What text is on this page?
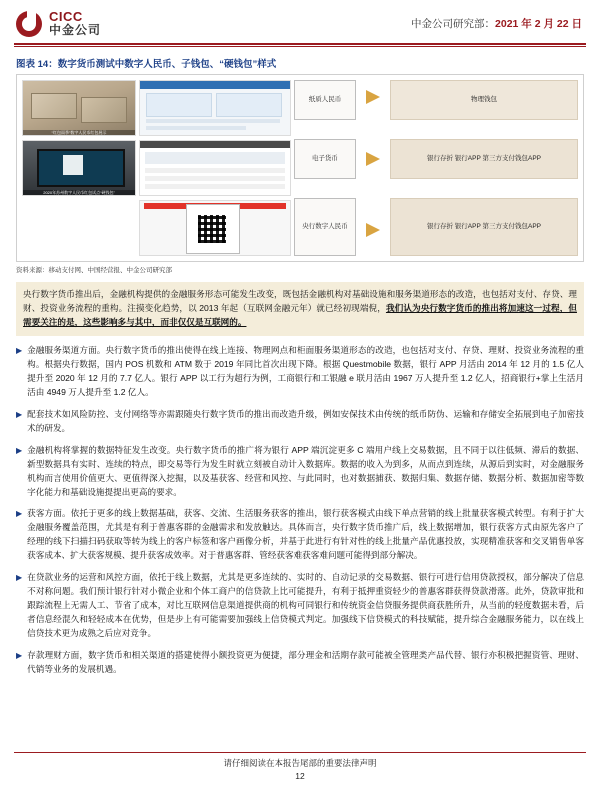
CICC
中金公司	中金公司研究部：2021 年 2 月 22 日
图表 14：数字货币测试中数字人民币、子钱包、“硬钱包”样式
“红包雨季”数字人民币红包展示
2020年苏州数字人民币红包试点“硬钱包”
纸质人民币
电子货币
央行数字人民币
物理钱包
银行存折 银行APP 第三方支付钱包APP
银行存折 银行APP 第三方支付钱包APP
资料来源：移动支付网、中国经营报、中金公司研究部
央行数字货币推出后，金融机构提供的金融服务形态可能发生改变，既包括金融机构对基础设施和服务渠道形态的改造，也包括对支付、存贷、理财、投资业务流程的重构。注摸变化趋势，以 2013 年起（互联网金融元年）就已经初现端倪，我们认为央行数字货币的推出将加速这一过程，但需要关注的是，这些影响多与其中，而非仅仅是互联网的。
▶ 金融服务渠道方面。央行数字货币的推出使得在线上连接、物理网点和柜面服务渠道形态的改造，也包括对支付、存贷、理财、投资业务流程的重构。根据央行数据，国内 POS 机数和 ATM 数于 2019 年同比首次出现下降。根据 Questmobile 数据，银行 APP 月活由 2014 年 12 月的 1.5 亿人提升至 2020 年 12 月的 7.7 亿人。银行 APP 以工行为超行为例，工商银行和工银融 e 联月活由 1967 万人提升至 1.2 亿人，招商银行+掌上生活月活由 4949 万人提升至 1.2 亿人。

▶ 配套技术如风险防控、支付网络等亦需跟随央行数字货币的推出而改造升级，例如安保技术由传统的纸币防伪、运输和存储安全拓展到电子加密技术的研发。

▶ 金融机构将掌握的数据特征发生改变。央行数字货币的推广将为银行 APP 端沉淀更多 C 端用户线上交易数据，且不同于以往低频、滞后的数据、新型数据具有实时、连续的特点，即交易等行为发生时就立刻被自动计入数据库。数据的收入为到多，从而点到连续，从源后到实时，对金融服务机构而言使用价值更大、更值得深入挖掘，以及基获客、经营和风控、与此同时，也对数据捕获、数据归集、数据存储、数据分析、数据加密等数字化能力和基础设施提提出更高的要求。

▶ 获客方面。依托于更多的线上数据基础，获客、交流、生活服务获客的推出，银行获客模式由线下单点营销的线上批量获客模式转型。有利于扩大金融服务覆盖范围，尤其是有利于普惠客群的金融需求和发放触达。具体而言，央行数字货币推广后，线上数据增加，银行获客方式由原先客户了经理的线下扫描扫码获取等转为线上的客户标签和客户画像分析，并基于此进行有针对性的线上批量产品优惠投放，实现精准获客和交叉销售单客获客成本、扩大获客规模、提升获客成效率。对于普惠客群、管经获客难获客难问题可能得到部分解决。

▶ 在贷款业务的运营和风控方面，依托于线上数据，尤其是更多连续的、实时的、自动记录的交易数据、银行可进行信用贷款授权，部分解决了信息不对称问题。我们预计银行针对小微企业和个体工商户的信贷款上比可能提升，有利于抵押重资轻少的普惠客群获得贷款滑落。此外，贷款审批和跟踪流程上无需人工、节省了成本，对比互联网信息渠道提供商的机构可同银行和传统资金信贷服务提供商获胜所升，从当前的轻度数据未看，后者信息经混久和轻轻成本在优势，但是步上有可能需要加强线上信贷模式判定。加强线下信贷模式的科技赋能，提升综合金融服务能力，以在线上信贷技术更为成熟之后应对竞争。

▶ 存款理财方面，数字货币和相关渠道的搭建使得小额投资更为便捷，部分理金和活期存款可能被全管理类产品代替、银行亦积极把握资管、理财、代销等业务的发展机遇。

请仔细阅读在本报告尾部的重要法律声明
12
